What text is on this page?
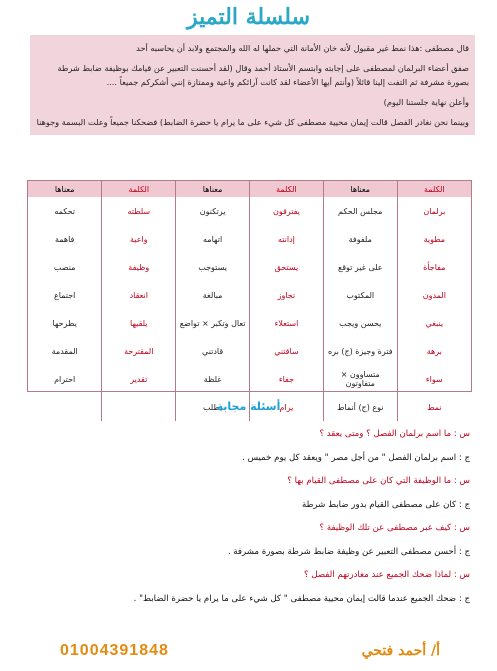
سلسلة التميز

قال مصطفى :هذا نمط غير مقبول لأنه خان الأمانة التي حملها له الله والمجتمع ولابد أن يحاسبه أحد

صفق أعضاء البرلمان لمصطفى على إجابته وابتسم الأستاذ أحمد وقال (لقد أحسنت التعبير عن قيامك بوظيفة ضابط شرطة بصورة مشرفة ثم التفت إلينا قائلاً (وأنتم أيها الأعضاء لقد كانت آرائكم واعية وممتازة إنني أشكركم جميعاً ....

وأعلن نهاية جلستنا اليوم)

وبينما نحن نغادر الفصل قالت إيمان محيية مصطفى كل شيء على ما يرام يا حضرة الضابط) فضحكنا جميعاً وعلت البسمة وجوهنا

الكلمة	معناها	الكلمة	معناها	الكلمة	معناها
برلمان	مجلس الحكم	يفترقون	يرتكنون	سلطته	تحكمه
مطوية	ملفوفة	إدانته	اتهامه	واعية	فاهمة
مفاجأة	على غير توقع	يستحق	يستوجب	وظيفة	منصب
المدون	المكتوب	تجاوز	مبالغة	انعقاد	اجتماع
ينبغي	يحسن ويجب	استعلاء	تعال وتكبر × تواضع	يلقيها	يطرحها
برهة	فترة وجيزة (ج) بره	ساقتني	قادتني	المقترحة	المقدمة
سواء	متساوون × متفاوتون	جفاء	غلظة	تقدير	احترام
نمط	نوع (ج) أنماط	يرام	يطلب		
أسئلة مجابة
س : ما اسم برلمان الفصل ؟ ومتى يعقد ؟
ج : اسم برلمان الفصل " من أجل مصر " ويعقد كل يوم خميس .
س : ما الوظيفة التي كان على مصطفى القيام بها ؟
ج : كان على مصطفى القيام بدور ضابط شرطة
س : كيف عبر مصطفى عن تلك الوظيفة ؟
ج : أحسن مصطفى التعبير عن وظيفة ضابط شرطة بصورة مشرفة .
س : لماذا ضحك الجميع عند مغادرتهم الفصل ؟
ج : ضحك الجميع عندما قالت إيمان محيية مصطفى " كل شيء على ما يرام يا حضرة الضابط" .
أ/ أحمد فتحي
01004391848
